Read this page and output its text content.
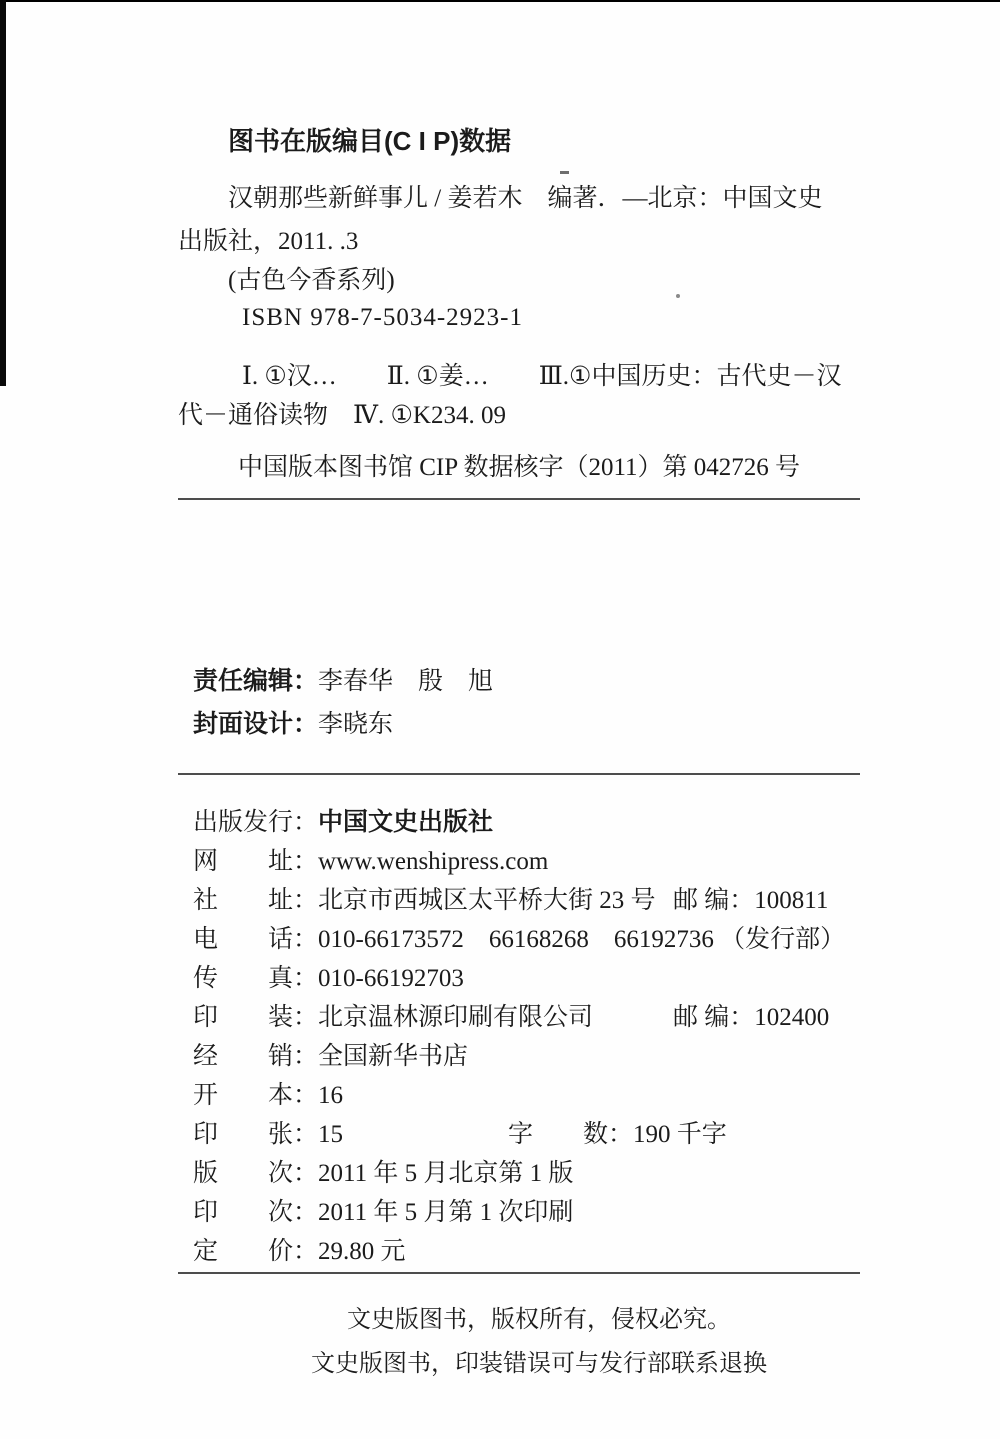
图书在版编目(C I P)数据
汉朝那些新鲜事儿 / 姜若木　编著．—北京：中国文史
出版社，2011. .3
(古色今香系列)
ISBN 978-7-5034-2923-1
Ⅰ. ①汉…　　Ⅱ. ①姜…　　Ⅲ.①中国历史：古代史－汉
代－通俗读物　Ⅳ. ①K234. 09
中国版本图书馆 CIP 数据核字（2011）第 042726 号
责任编辑：李春华　殷　旭
封面设计：李晓东
出版发行：中国文史出版社
网　　址：www.wenshipress.com
社　　址：北京市西城区太平桥大街 23 号 邮 编：100811
电　　话：010-66173572　66168268　66192736 （发行部）
传　　真：010-66192703
印　　装：北京温林源印刷有限公司	邮 编：102400
经　　销：全国新华书店
开　　本：16
印　　张：15	字　　数：190 千字
版　　次：2011 年 5 月北京第 1 版
印　　次：2011 年 5 月第 1 次印刷
定　　价：29.80 元
文史版图书，版权所有，侵权必究。
文史版图书，印装错误可与发行部联系退换
